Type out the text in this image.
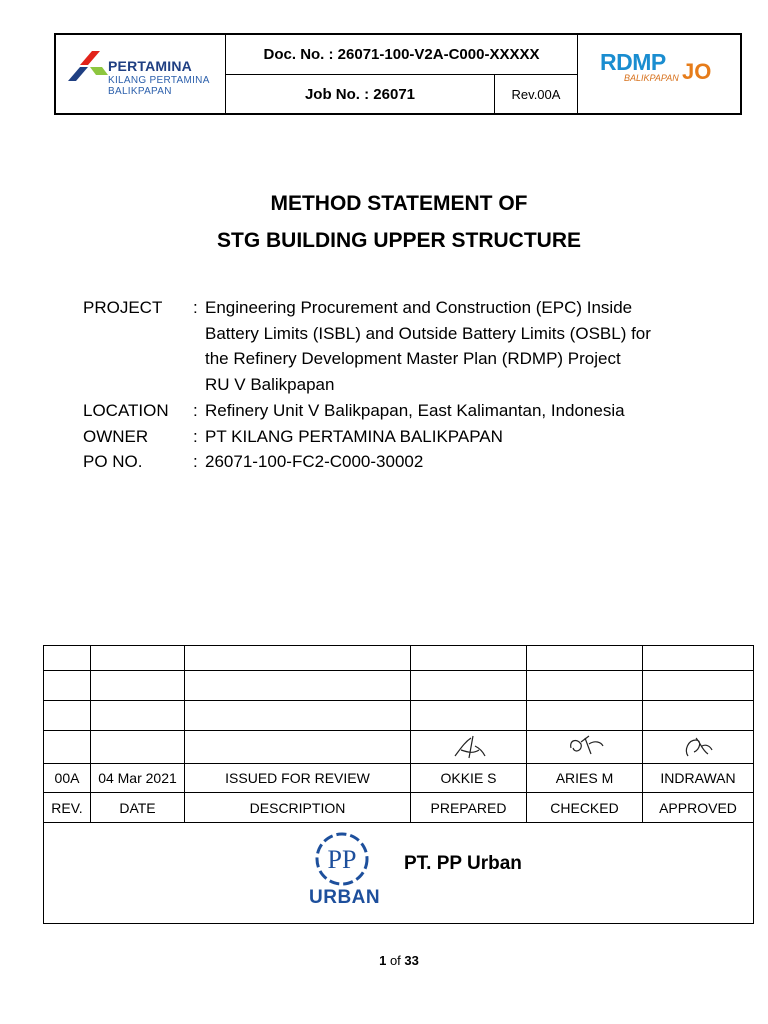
PERTAMINA
KILANG PERTAMINA
BALIKPAPAN
Doc. No. : 26071-100-V2A-C000-XXXXX
Job No. : 26071	Rev.00A
RDMP
BALIKPAPAN JO
METHOD STATEMENT OF
STG BUILDING UPPER STRUCTURE
PROJECT	: Engineering Procurement and Construction (EPC) Inside
Battery Limits (ISBL) and Outside Battery Limits (OSBL) for
the Refinery Development Master Plan (RDMP) Project
RU V Balikpapan
LOCATION	: Refinery Unit V Balikpapan, East Kalimantan, Indonesia
OWNER	: PT KILANG PERTAMINA BALIKPAPAN
PO NO.	: 26071-100-FC2-C000-30002

00A	04 Mar 2021	ISSUED FOR REVIEW	OKKIE S	ARIES M	INDRAWAN
REV.	DATE	DESCRIPTION	PREPARED	CHECKED	APPROVED
PP
URBAN
PT. PP Urban
1 of 33
